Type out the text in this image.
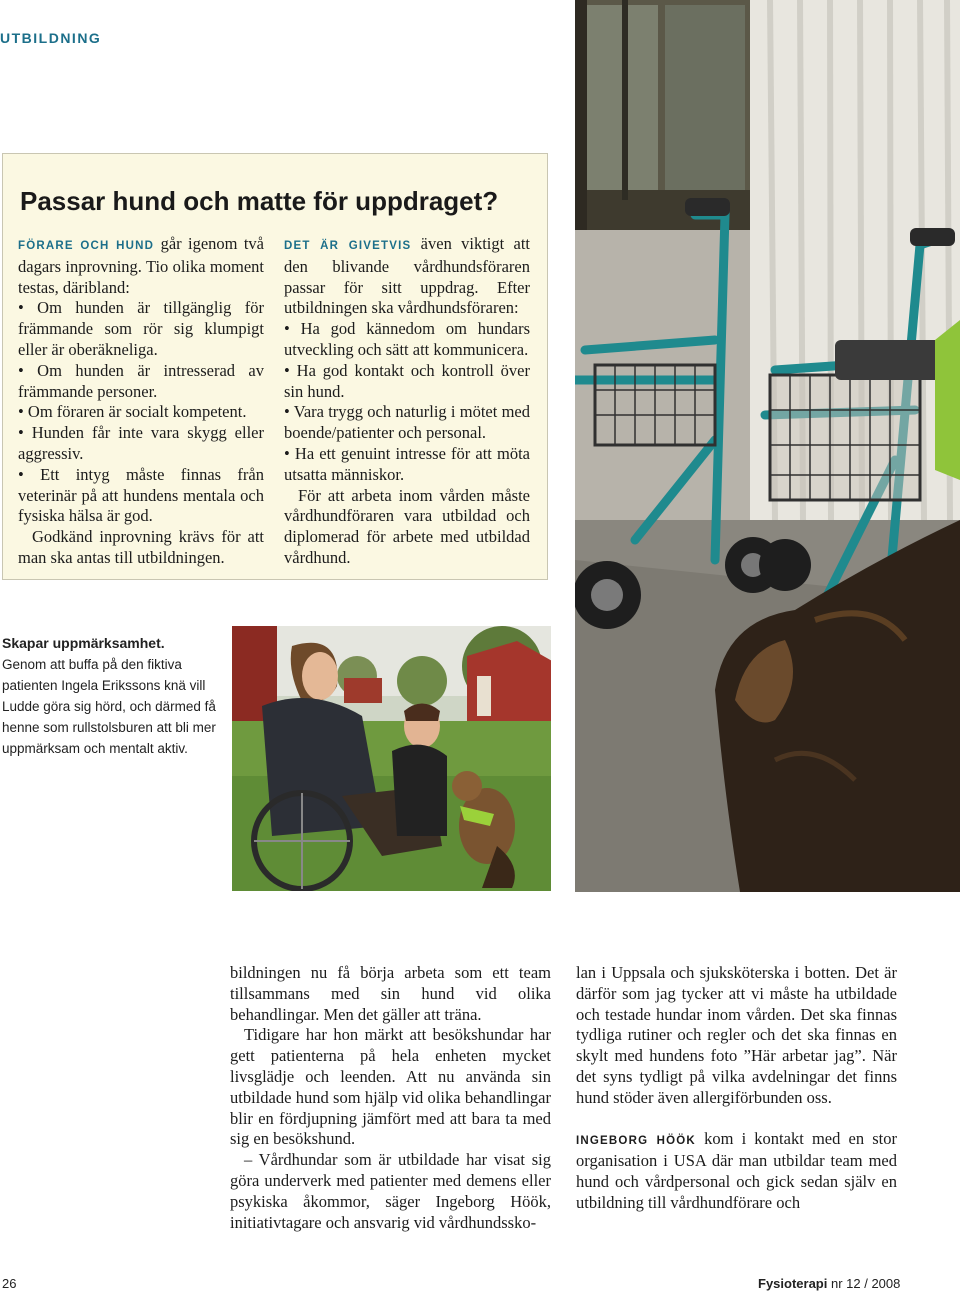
UTBILDNING
Passar hund och matte för uppdraget?

FÖRARE OCH HUND går igenom två dagars inprovning. Tio olika moment testas, däribland:

• Om hunden är tillgänglig för främmande som rör sig klumpigt eller är oberäkneliga.

• Om hunden är intresserad av främmande personer.

• Om föraren är socialt kompetent.

• Hunden får inte vara skygg eller aggressiv.

• Ett intyg måste finnas från veterinär på att hundens mentala och fysiska hälsa är god.

Godkänd inprovning krävs för att man ska antas till utbildningen.

DET ÄR GIVETVIS även viktigt att den blivande vårdhundsföraren passar för sitt uppdrag. Efter utbildningen ska vårdhundsföraren:

• Ha god kännedom om hundars utveckling och sätt att kommunicera.

• Ha god kontakt och kontroll över sin hund.

• Vara trygg och naturlig i mötet med boende/patienter och personal.

• Ha ett genuint intresse för att möta utsatta människor.

För att arbeta inom vården måste vårdhundföraren vara utbildad och diplomerad för arbete med utbildad vårdhund.

Skapar uppmärksamhet.
Genom att buffa på den fiktiva patienten Ingela Erikssons knä vill Ludde göra sig hörd, och därmed få henne som rullstolsburen att bli mer uppmärksam och mentalt aktiv.

bildningen nu få börja arbeta som ett team tillsammans med sin hund vid olika behandlingar. Men det gäller att träna.

Tidigare har hon märkt att besökshundar har gett patienterna på hela enheten mycket livsglädje och leenden. Att nu använda sin utbildade hund som hjälp vid olika behandlingar blir en fördjupning jämfört med att bara ta med sig en besökshund.

– Vårdhundar som är utbildade har visat sig göra underverk med patienter med demens eller psykiska åkommor, säger Ingeborg Höök, initiativtagare och ansvarig vid vårdhundssko-

lan i Uppsala och sjuksköterska i botten. Det är därför som jag tycker att vi måste ha utbildade och testade hundar inom vården. Det ska finnas tydliga rutiner och regler och det ska finnas en skylt med hundens foto ”Här arbetar jag”. När det syns tydligt på vilka avdelningar det finns hund stöder även allergiförbunden oss.

INGEBORG HÖÖK kom i kontakt med en stor organisation i USA där man utbildar team med hund och vårdpersonal och gick sedan själv en utbildning till vårdhundförare och

26	Fysioterapi nr 12 / 2008
